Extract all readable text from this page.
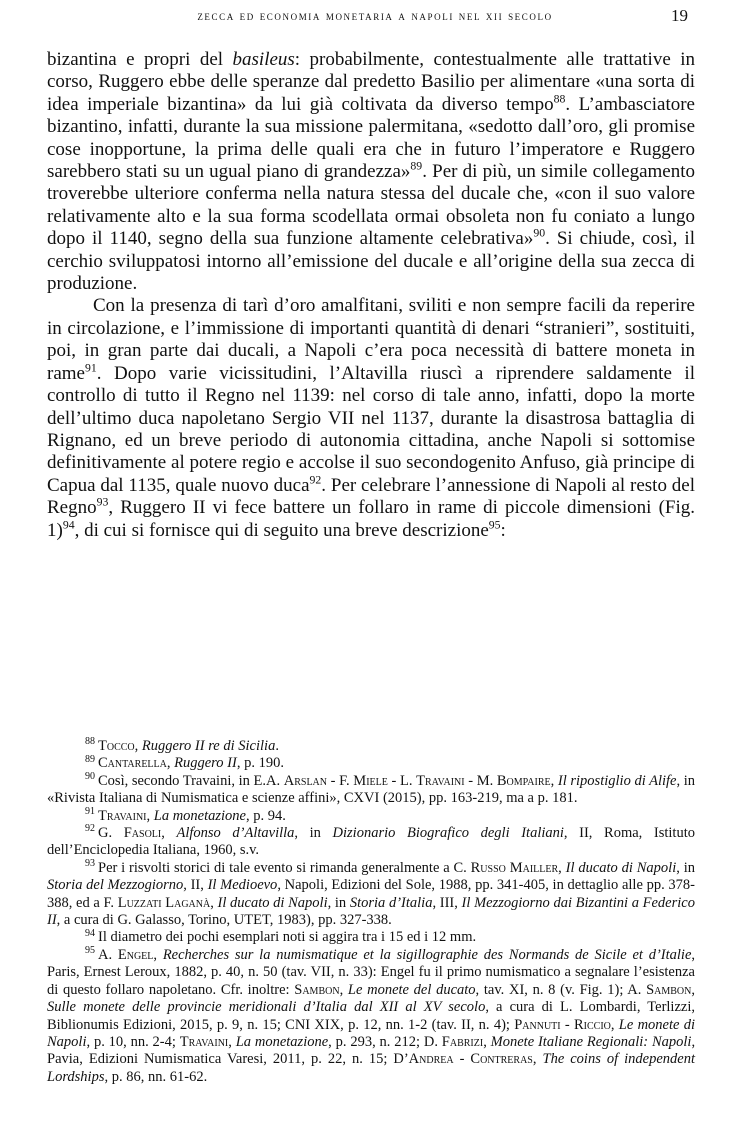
zecca ed economia monetaria a napoli nel xii secolo	19

bizantina e propri del basileus: probabilmente, contestualmente alle trattative in corso, Ruggero ebbe delle speranze dal predetto Basilio per alimentare «una sorta di idea imperiale bizantina» da lui già coltivata da diverso tempo$^{88}$. L’ambasciatore bizantino, infatti, durante la sua missione palermitana, «sedotto dall’oro, gli promise cose inopportune, la prima delle quali era che in futuro l’imperatore e Ruggero sarebbero stati su un ugual piano di grandezza»$^{89}$. Per di più, un simile collegamento troverebbe ulteriore conferma nella natura stessa del ducale che, «con il suo valore relativamente alto e la sua forma scodellata ormai obsoleta non fu coniato a lungo dopo il 1140, segno della sua funzione altamente celebrativa»$^{90}$. Si chiude, così, il cerchio sviluppatosi intorno all’emissione del ducale e all’origine della sua zecca di produzione.

Con la presenza di tarì d’oro amalfitani, sviliti e non sempre facili da reperire in circolazione, e l’immissione di importanti quantità di denari “stranieri”, sostituiti, poi, in gran parte dai ducali, a Napoli c’era poca necessità di battere moneta in rame$^{91}$. Dopo varie vicissitudini, l’Altavilla riuscì a riprendere saldamente il controllo di tutto il Regno nel 1139: nel corso di tale anno, infatti, dopo la morte dell’ultimo duca napoletano Sergio VII nel 1137, durante la disastrosa battaglia di Rignano, ed un breve periodo di autonomia cittadina, anche Napoli si sottomise definitivamente al potere regio e accolse il suo secondogenito Anfuso, già principe di Capua dal 1135, quale nuovo duca$^{92}$. Per celebrare l’annessione di Napoli al resto del Regno$^{93}$, Ruggero II vi fece battere un follaro in rame di piccole dimensioni (Fig. 1)$^{94}$, di cui si fornisce qui di seguito una breve descrizione$^{95}$:

$^{88}$ Tocco, Ruggero II re di Sicilia.

$^{89}$ Cantarella, Ruggero II, p. 190.

$^{90}$ Così, secondo Travaini, in E.A. Arslan - F. Miele - L. Travaini - M. Bompaire, Il ripostiglio di Alife, in «Rivista Italiana di Numismatica e scienze affini», CXVI (2015), pp. 163-219, ma a p. 181.

$^{91}$ Travaini, La monetazione, p. 94.

$^{92}$ G. Fasoli, Alfonso d’Altavilla, in Dizionario Biografico degli Italiani, II, Roma, Istituto dell’Enciclopedia Italiana, 1960, s.v.

$^{93}$ Per i risvolti storici di tale evento si rimanda generalmente a C. Russo Mailler, Il ducato di Napoli, in Storia del Mezzogiorno, II, Il Medioevo, Napoli, Edizioni del Sole, 1988, pp. 341-405, in dettaglio alle pp. 378-388, ed a F. Luzzati Laganà, Il ducato di Napoli, in Storia d’Italia, III, Il Mezzogiorno dai Bizantini a Federico II, a cura di G. Galasso, Torino, UTET, 1983), pp. 327-338.

$^{94}$ Il diametro dei pochi esemplari noti si aggira tra i 15 ed i 12 mm.

$^{95}$ A. Engel, Recherches sur la numismatique et la sigillographie des Normands de Sicile et d’Italie, Paris, Ernest Leroux, 1882, p. 40, n. 50 (tav. VII, n. 33): Engel fu il primo numismatico a segnalare l’esistenza di questo follaro napoletano. Cfr. inoltre: Sambon, Le monete del ducato, tav. XI, n. 8 (v. Fig. 1); A. Sambon, Sulle monete delle provincie meridionali d’Italia dal XII al XV secolo, a cura di L. Lombardi, Terlizzi, Biblionumis Edizioni, 2015, p. 9, n. 15; CNI XIX, p. 12, nn. 1-2 (tav. II, n. 4); Pannuti - Riccio, Le monete di Napoli, p. 10, nn. 2-4; Travaini, La monetazione, p. 293, n. 212; D. Fabrizi, Monete Italiane Regionali: Napoli, Pavia, Edizioni Numismatica Varesi, 2011, p. 22, n. 15; D’Andrea - Contreras, The coins of independent Lordships, p. 86, nn. 61-62.
